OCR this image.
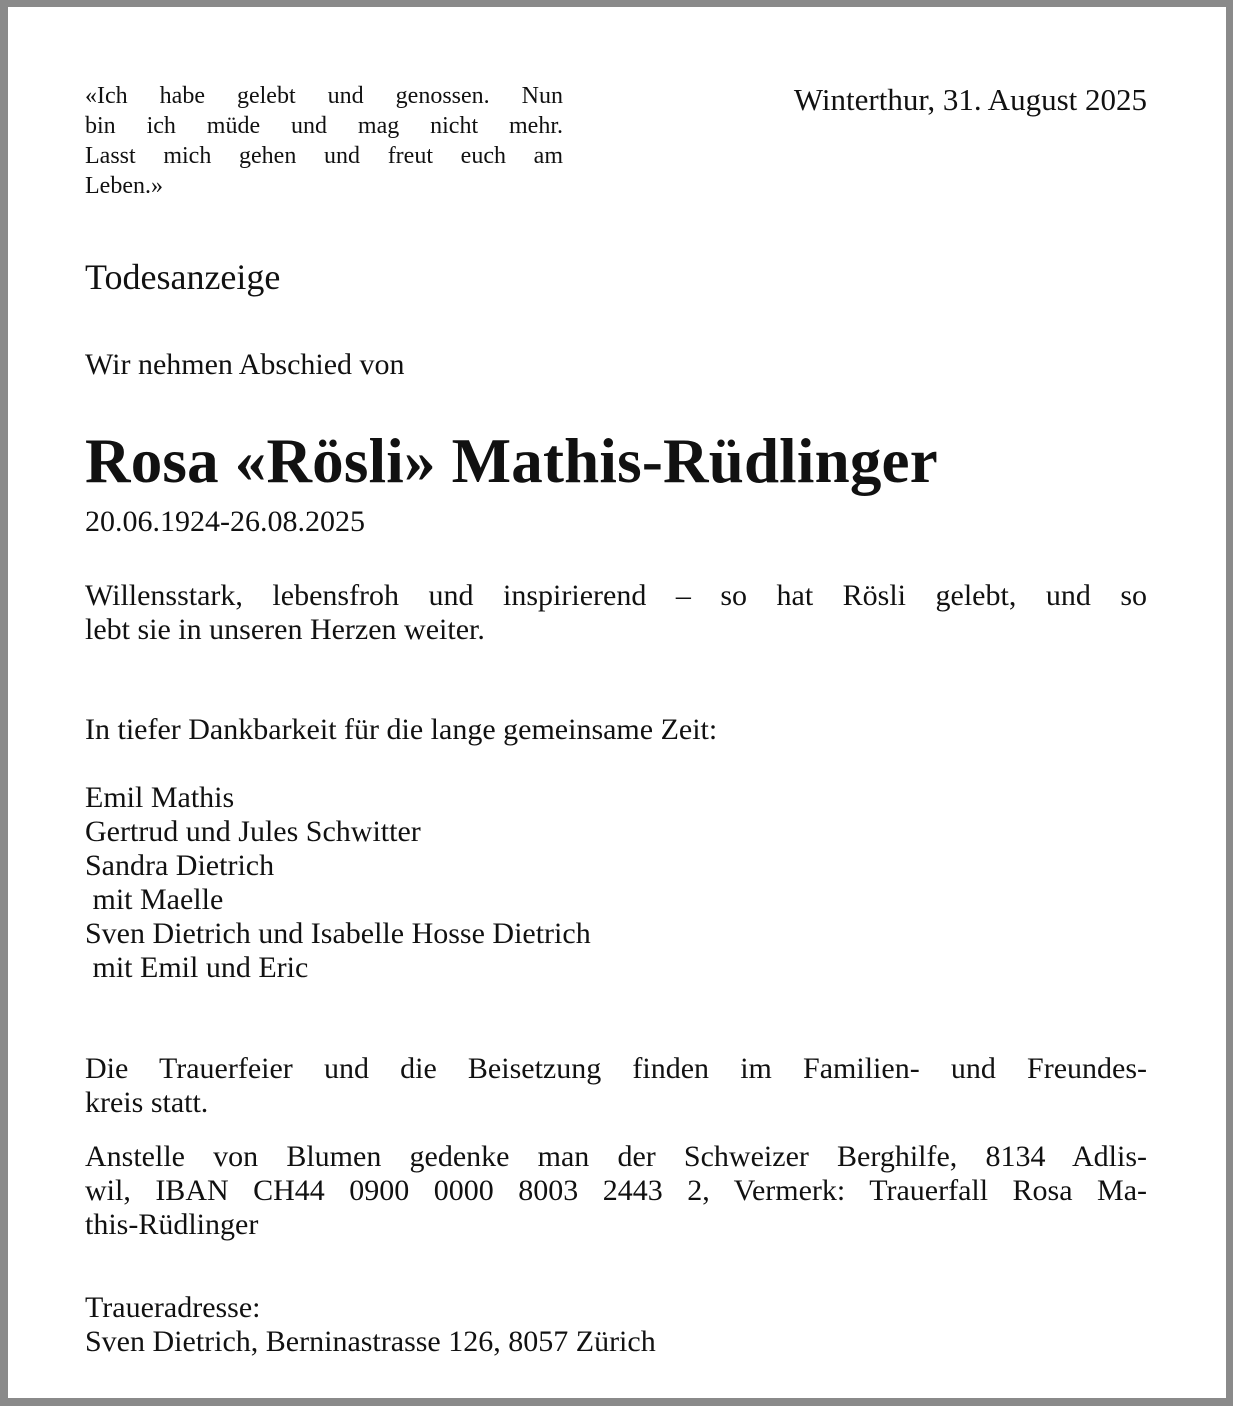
«Ich habe gelebt und genossen. Nun
bin ich müde und mag nicht mehr.
Lasst mich gehen und freut euch am
Leben.»

Winterthur, 31. August 2025

Todesanzeige

Wir nehmen Abschied von

Rosa «Rösli» Mathis-Rüdlinger

20.06.1924-26.08.2025

Willensstark, lebensfroh und inspirierend – so hat Rösli gelebt, und so
lebt sie in unseren Herzen weiter.

In tiefer Dankbarkeit für die lange gemeinsame Zeit:

Emil Mathis
Gertrud und Jules Schwitter
Sandra Dietrich
mit Maelle
Sven Dietrich und Isabelle Hosse Dietrich
mit Emil und Eric

Die Trauerfeier und die Beisetzung finden im Familien- und Freundes-
kreis statt.

Anstelle von Blumen gedenke man der Schweizer Berghilfe, 8134 Adlis-
wil, IBAN CH44 0900 0000 8003 2443 2, Vermerk: Trauerfall Rosa Ma-
this-Rüdlinger

Traueradresse:
Sven Dietrich, Berninastrasse 126, 8057 Zürich
